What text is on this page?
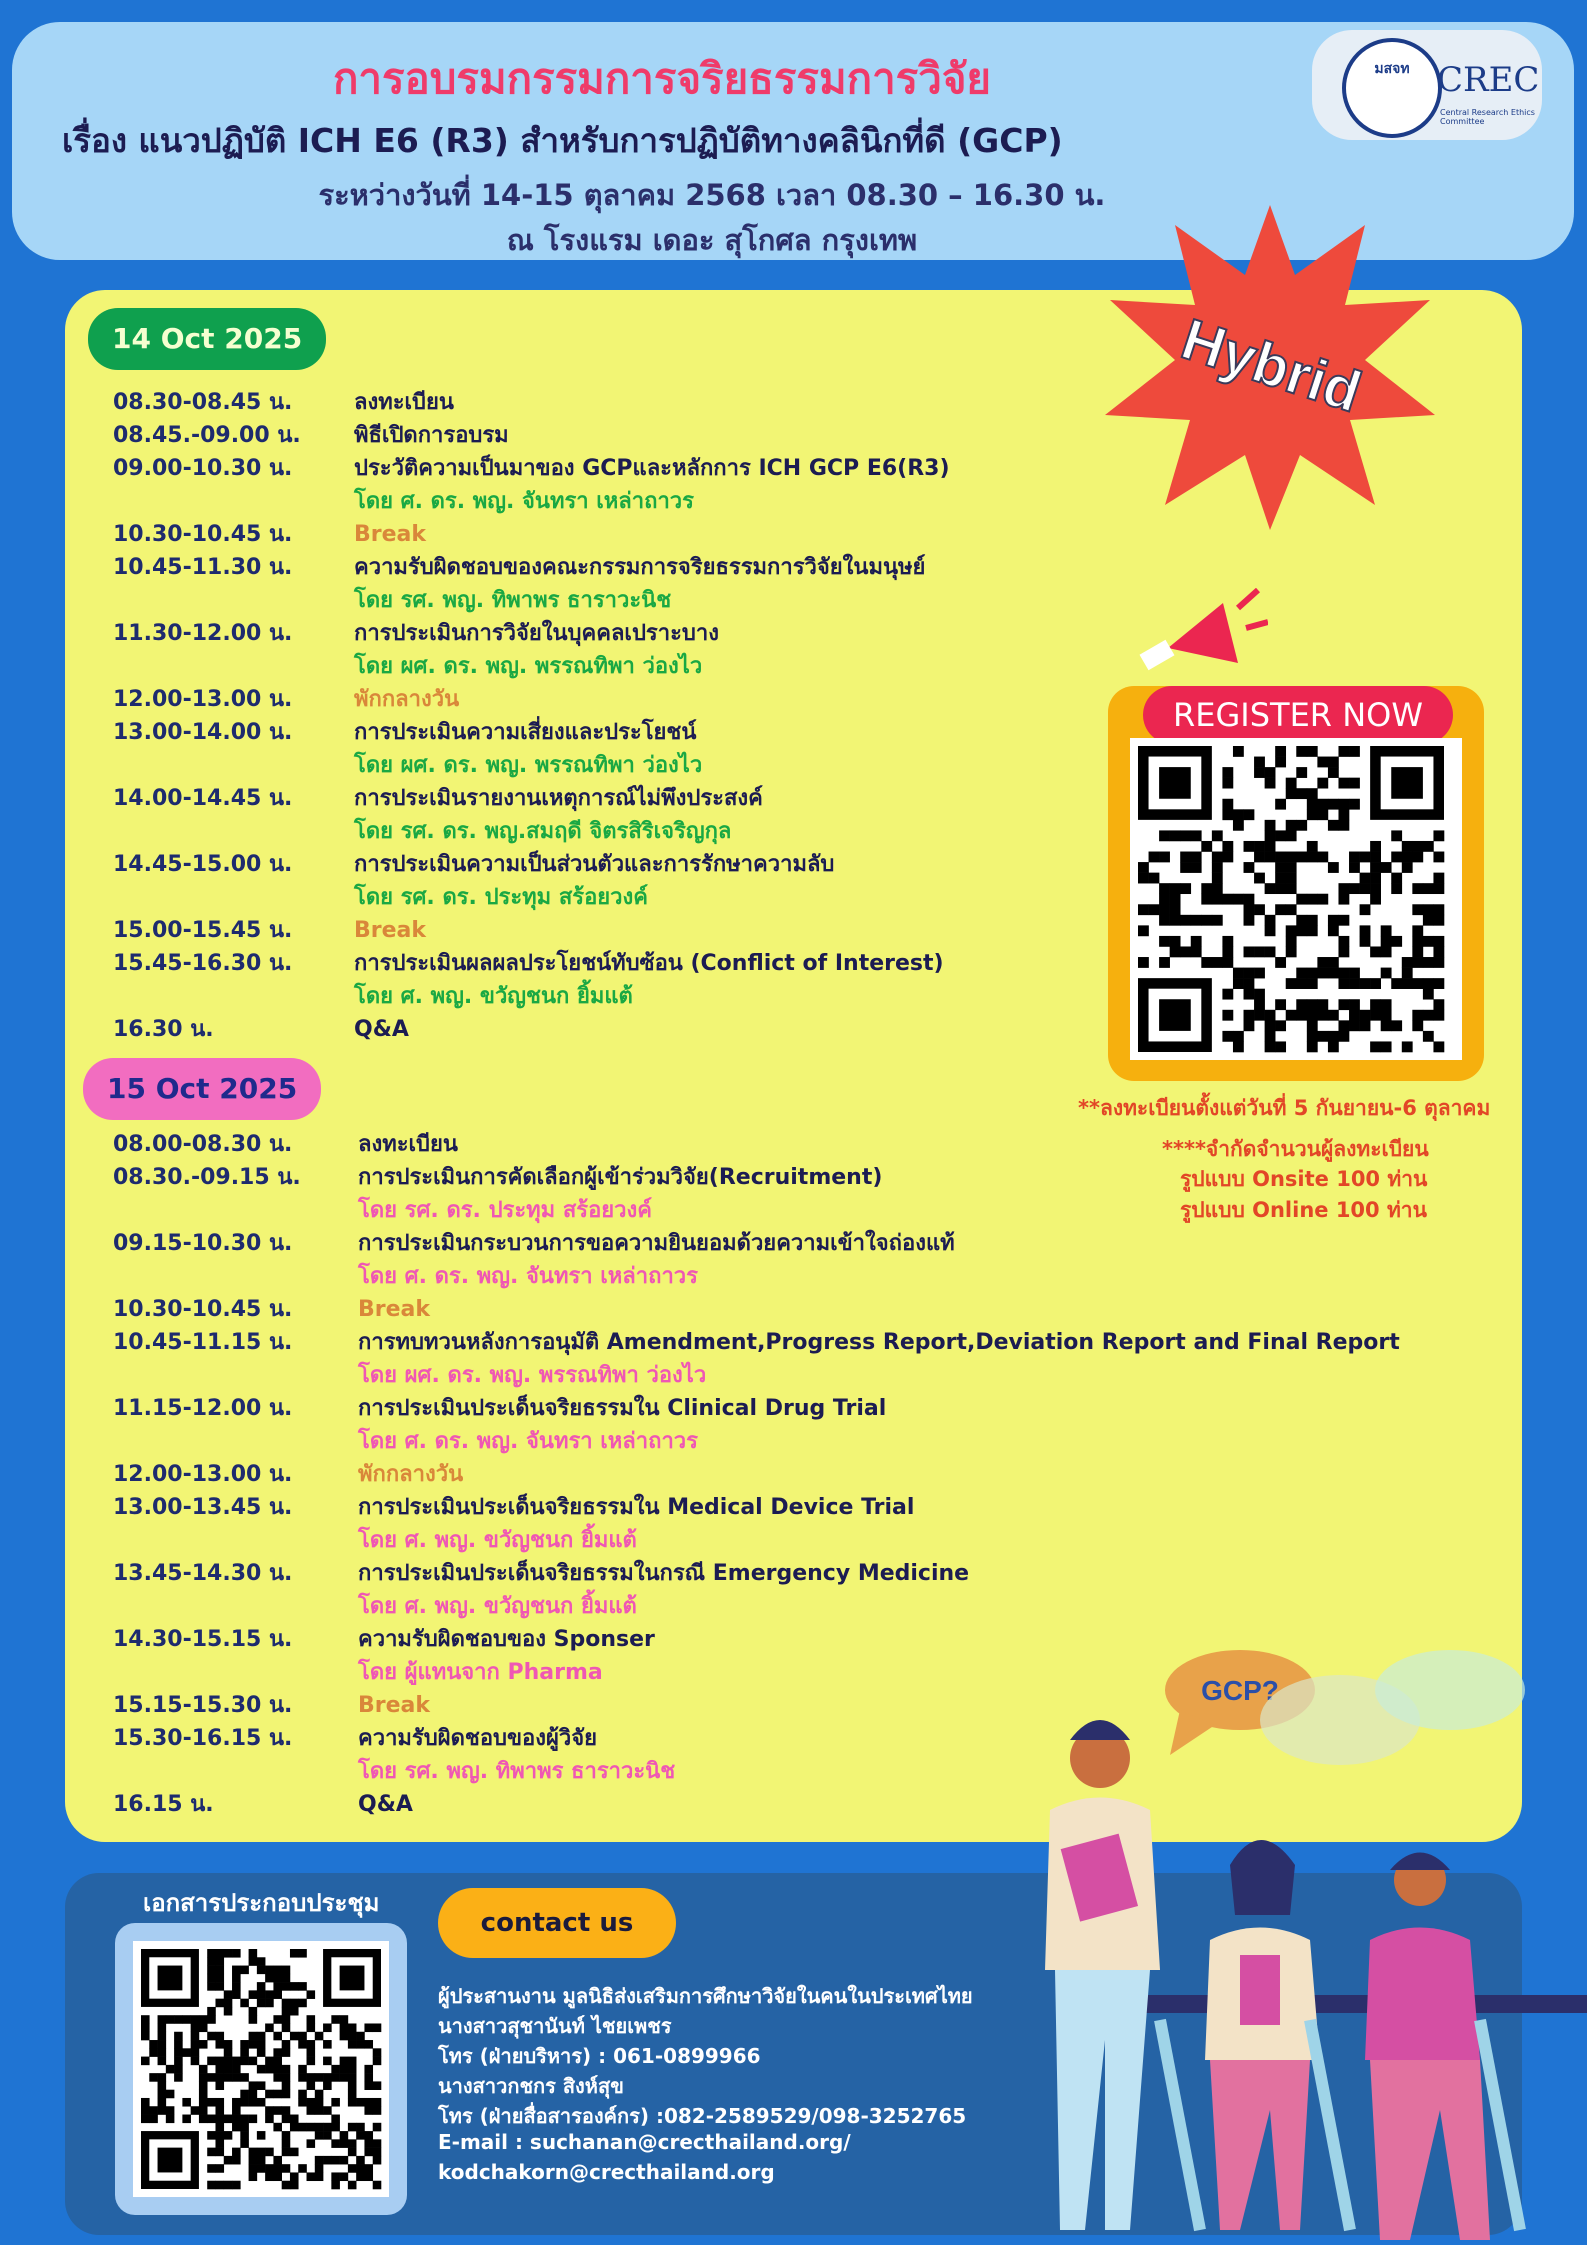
การอบรมกรรมการจริยธรรมการวิจัย
เรื่อง แนวปฏิบัติ ICH E6 (R3) สำหรับการปฏิบัติทางคลินิกที่ดี (GCP)
ระหว่างวันที่ 14-15 ตุลาคม 2568 เวลา 08.30 – 16.30 น.
ณ โรงแรม เดอะ สุโกศล กรุงเทพ
มสจท CREC
Central Research Ethics Committee
Hybrid
14 Oct 2025
08.30-08.45 น.	ลงทะเบียน
08.45.-09.00 น. พิธีเปิดการอบรม
09.00-10.30 น.	ประวัติความเป็นมาของ GCPและหลักการ ICH GCP E6(R3)
โดย ศ. ดร. พญ. จันทรา เหล่าถาวร
10.30-10.45 น.	Break
10.45-11.30 น.	ความรับผิดชอบของคณะกรรมการจริยธรรมการวิจัยในมนุษย์
โดย รศ. พญ. ทิพาพร ธาราวะนิช
11.30-12.00 น.	การประเมินการวิจัยในบุคคลเปราะบาง
โดย ผศ. ดร. พญ. พรรณทิพา ว่องไว
12.00-13.00 น.	พักกลางวัน
13.00-14.00 น.	การประเมินความเสี่ยงและประโยชน์
โดย ผศ. ดร. พญ. พรรณทิพา ว่องไว
14.00-14.45 น.	การประเมินรายงานเหตุการณ์ไม่พึงประสงค์
โดย รศ. ดร. พญ.สมฤดี จิตรสิริเจริญกุล
14.45-15.00 น.	การประเมินความเป็นส่วนตัวและการรักษาความลับ
โดย รศ. ดร. ประทุม สร้อยวงค์
15.00-15.45 น.	Break
15.45-16.30 น.	การประเมินผลผลประโยชน์ทับซ้อน (Conflict of Interest)
โดย ศ. พญ. ขวัญชนก ยิ้มแต้
16.30 น.	Q&A
15 Oct 2025
08.00-08.30 น.	ลงทะเบียน
08.30.-09.15 น.	การประเมินการคัดเลือกผู้เข้าร่วมวิจัย(Recruitment)
โดย รศ. ดร. ประทุม สร้อยวงค์
09.15-10.30 น.	การประเมินกระบวนการขอความยินยอมด้วยความเข้าใจถ่องแท้
โดย ศ. ดร. พญ. จันทรา เหล่าถาวร
10.30-10.45 น.	Break
10.45-11.15 น.	การทบทวนหลังการอนุมัติ Amendment,Progress Report,Deviation Report and Final Report
โดย ผศ. ดร. พญ. พรรณทิพา ว่องไว
11.15-12.00 น.	การประเมินประเด็นจริยธรรมใน Clinical Drug Trial
โดย ศ. ดร. พญ. จันทรา เหล่าถาวร
12.00-13.00 น.	พักกลางวัน
13.00-13.45 น.	การประเมินประเด็นจริยธรรมใน Medical Device Trial
โดย ศ. พญ. ขวัญชนก ยิ้มแต้
13.45-14.30 น.	การประเมินประเด็นจริยธรรมในกรณี Emergency Medicine
โดย ศ. พญ. ขวัญชนก ยิ้มแต้
14.30-15.15 น.	ความรับผิดชอบของ Sponser
โดย ผู้แทนจาก Pharma
15.15-15.30 น.	Break
15.30-16.15 น.	ความรับผิดชอบของผู้วิจัย
โดย รศ. พญ. ทิพาพร ธาราวะนิช
16.15 น.	Q&A
REGISTER NOW
**ลงทะเบียนตั้งแต่วันที่ 5 กันยายน-6 ตุลาคม
****จำกัดจำนวนผู้ลงทะเบียน
รูปแบบ Onsite 100 ท่าน
รูปแบบ Online 100 ท่าน
เอกสารประกอบประชุม
contact us
ผู้ประสานงาน มูลนิธิส่งเสริมการศึกษาวิจัยในคนในประเทศไทย
นางสาวสุชานันท์ ไชยเพชร
โทร (ฝ่ายบริหาร) : 061-0899966
นางสาวกชกร สิงห์สุข
โทร (ฝ่ายสื่อสารองค์กร) :082-2589529/098-3252765
E-mail : suchanan@crecthailand.org/
kodchakorn@crecthailand.org
GCP?
